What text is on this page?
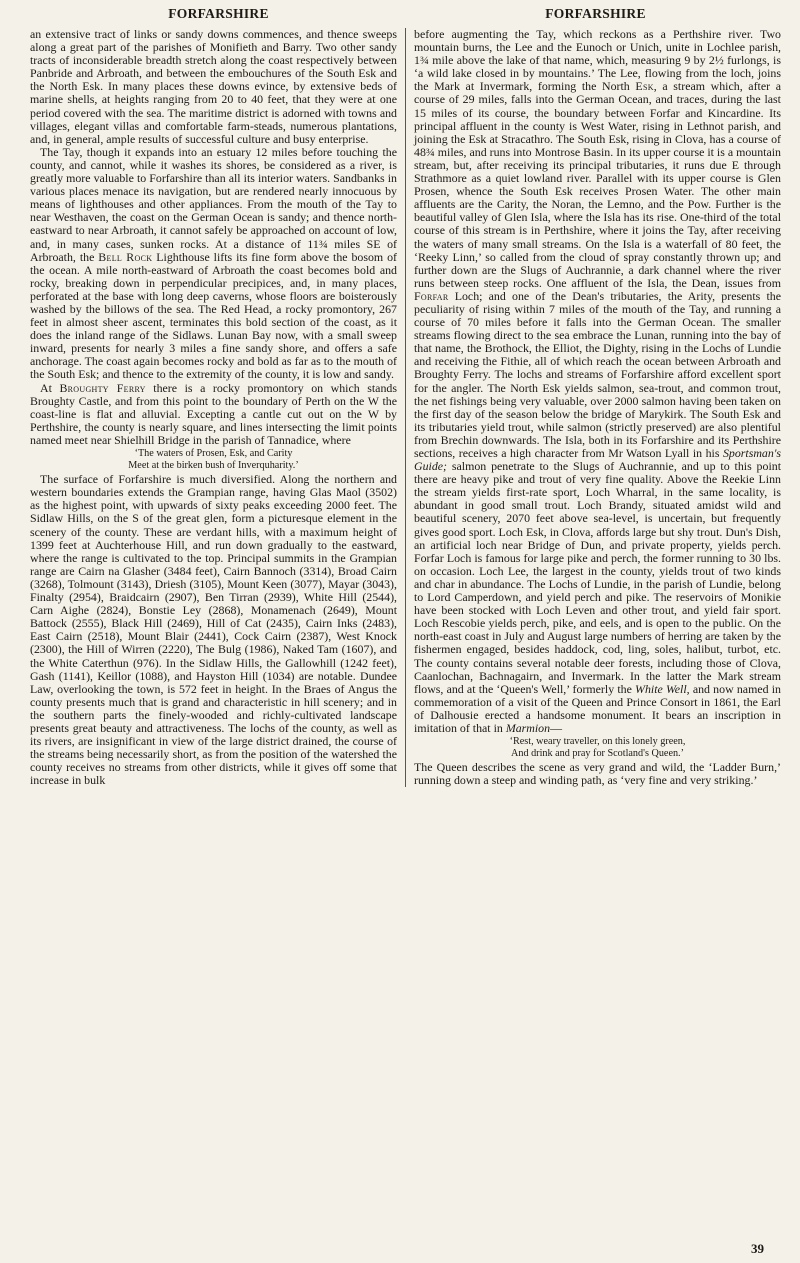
FORFARSHIRE	FORFARSHIRE

an extensive tract of links or sandy downs commences, and thence sweeps along a great part of the parishes of Monifieth and Barry. Two other sandy tracts of inconsiderable breadth stretch along the coast respectively between Panbride and Arbroath, and between the embouchures of the South Esk and the North Esk. In many places these downs evince, by extensive beds of marine shells, at heights ranging from 20 to 40 feet, that they were at one period covered with the sea. The maritime district is adorned with towns and villages, elegant villas and comfortable farm-steads, numerous plantations, and, in general, ample results of successful culture and busy enterprise.

The Tay, though it expands into an estuary 12 miles before touching the county, and cannot, while it washes its shores, be considered as a river, is greatly more valuable to Forfarshire than all its interior waters. Sandbanks in various places menace its navigation, but are rendered nearly innocuous by means of lighthouses and other appliances. From the mouth of the Tay to near Westhaven, the coast on the German Ocean is sandy; and thence north-eastward to near Arbroath, it cannot safely be approached on account of low, and, in many cases, sunken rocks. At a distance of 11¾ miles SE of Arbroath, the Bell Rock Lighthouse lifts its fine form above the bosom of the ocean. A mile north-eastward of Arbroath the coast becomes bold and rocky, breaking down in perpendicular precipices, and, in many places, perforated at the base with long deep caverns, whose floors are boisterously washed by the billows of the sea. The Red Head, a rocky promontory, 267 feet in almost sheer ascent, terminates this bold section of the coast, as it does the inland range of the Sidlaws. Lunan Bay now, with a small sweep inward, presents for nearly 3 miles a fine sandy shore, and offers a safe anchorage. The coast again becomes rocky and bold as far as to the mouth of the South Esk; and thence to the extremity of the county, it is low and sandy.

At Broughty Ferry there is a rocky promontory on which stands Broughty Castle, and from this point to the boundary of Perth on the W the coast-line is flat and alluvial. Excepting a cantle cut out on the W by Perthshire, the county is nearly square, and lines intersecting the limit points named meet near Shielhill Bridge in the parish of Tannadice, where

‘The waters of Prosen, Esk, and Carity
Meet at the birken bush of Inverquharity.’

The surface of Forfarshire is much diversified. Along the northern and western boundaries extends the Grampian range, having Glas Maol (3502) as the highest point, with upwards of sixty peaks exceeding 2000 feet. The Sidlaw Hills, on the S of the great glen, form a picturesque element in the scenery of the county. These are verdant hills, with a maximum height of 1399 feet at Auchterhouse Hill, and run down gradually to the eastward, where the range is cultivated to the top. Principal summits in the Grampian range are Cairn na Glasher (3484 feet), Cairn Bannoch (3314), Broad Cairn (3268), Tolmount (3143), Driesh (3105), Mount Keen (3077), Mayar (3043), Finalty (2954), Braidcairn (2907), Ben Tirran (2939), White Hill (2544), Carn Aighe (2824), Bonstie Ley (2868), Monamenach (2649), Mount Battock (2555), Black Hill (2469), Hill of Cat (2435), Cairn Inks (2483), East Cairn (2518), Mount Blair (2441), Cock Cairn (2387), West Knock (2300), the Hill of Wirren (2220), The Bulg (1986), Naked Tam (1607), and the White Caterthun (976). In the Sidlaw Hills, the Gallowhill (1242 feet), Gash (1141), Keillor (1088), and Hayston Hill (1034) are notable. Dundee Law, overlooking the town, is 572 feet in height. In the Braes of Angus the county presents much that is grand and characteristic in hill scenery; and in the southern parts the finely-wooded and richly-cultivated landscape presents great beauty and attractiveness. The lochs of the county, as well as its rivers, are insignificant in view of the large district drained, the course of the streams being necessarily short, as from the position of the watershed the county receives no streams from other districts, while it gives off some that increase in bulk

before augmenting the Tay, which reckons as a Perthshire river. Two mountain burns, the Lee and the Eunoch or Unich, unite in Lochlee parish, 1¾ mile above the lake of that name, which, measuring 9 by 2½ furlongs, is ‘a wild lake closed in by mountains.’ The Lee, flowing from the loch, joins the Mark at Invermark, forming the North Esk, a stream which, after a course of 29 miles, falls into the German Ocean, and traces, during the last 15 miles of its course, the boundary between Forfar and Kincardine. Its principal affluent in the county is West Water, rising in Lethnot parish, and joining the Esk at Stracathro. The South Esk, rising in Clova, has a course of 48¾ miles, and runs into Montrose Basin. In its upper course it is a mountain stream, but, after receiving its principal tributaries, it runs due E through Strathmore as a quiet lowland river. Parallel with its upper course is Glen Prosen, whence the South Esk receives Prosen Water. The other main affluents are the Carity, the Noran, the Lemno, and the Pow. Further is the beautiful valley of Glen Isla, where the Isla has its rise. One-third of the total course of this stream is in Perthshire, where it joins the Tay, after receiving the waters of many small streams. On the Isla is a waterfall of 80 feet, the ‘Reeky Linn,’ so called from the cloud of spray constantly thrown up; and further down are the Slugs of Auchrannie, a dark channel where the river runs between steep rocks. One affluent of the Isla, the Dean, issues from Forfar Loch; and one of the Dean's tributaries, the Arity, presents the peculiarity of rising within 7 miles of the mouth of the Tay, and running a course of 70 miles before it falls into the German Ocean. The smaller streams flowing direct to the sea embrace the Lunan, running into the bay of that name, the Brothock, the Elliot, the Dighty, rising in the Lochs of Lundie and receiving the Fithie, all of which reach the ocean between Arbroath and Broughty Ferry. The lochs and streams of Forfarshire afford excellent sport for the angler. The North Esk yields salmon, sea-trout, and common trout, the net fishings being very valuable, over 2000 salmon having been taken on the first day of the season below the bridge of Marykirk. The South Esk and its tributaries yield trout, while salmon (strictly preserved) are also plentiful from Brechin downwards. The Isla, both in its Forfarshire and its Perthshire sections, receives a high character from Mr Watson Lyall in his Sportsman's Guide; salmon penetrate to the Slugs of Auchrannie, and up to this point there are heavy pike and trout of very fine quality. Above the Reekie Linn the stream yields first-rate sport, Loch Wharral, in the same locality, is abundant in good small trout. Loch Brandy, situated amidst wild and beautiful scenery, 2070 feet above sea-level, is uncertain, but frequently gives good sport. Loch Esk, in Clova, affords large but shy trout. Dun's Dish, an artificial loch near Bridge of Dun, and private property, yields perch. Forfar Loch is famous for large pike and perch, the former running to 30 lbs. on occasion. Loch Lee, the largest in the county, yields trout of two kinds and char in abundance. The Lochs of Lundie, in the parish of Lundie, belong to Lord Camperdown, and yield perch and pike. The reservoirs of Monikie have been stocked with Loch Leven and other trout, and yield fair sport. Loch Rescobie yields perch, pike, and eels, and is open to the public. On the north-east coast in July and August large numbers of herring are taken by the fishermen engaged, besides haddock, cod, ling, soles, halibut, turbot, etc. The county contains several notable deer forests, including those of Clova, Caanlochan, Bachnagairn, and Invermark. In the latter the Mark stream flows, and at the ‘Queen's Well,’ formerly the White Well, and now named in commemoration of a visit of the Queen and Prince Consort in 1861, the Earl of Dalhousie erected a handsome monument. It bears an inscription in imitation of that in Marmion—

‘Rest, weary traveller, on this lonely green,
And drink and pray for Scotland's Queen.’

The Queen describes the scene as very grand and wild, the ‘Ladder Burn,’ running down a steep and winding path, as ‘very fine and very striking.’

39
